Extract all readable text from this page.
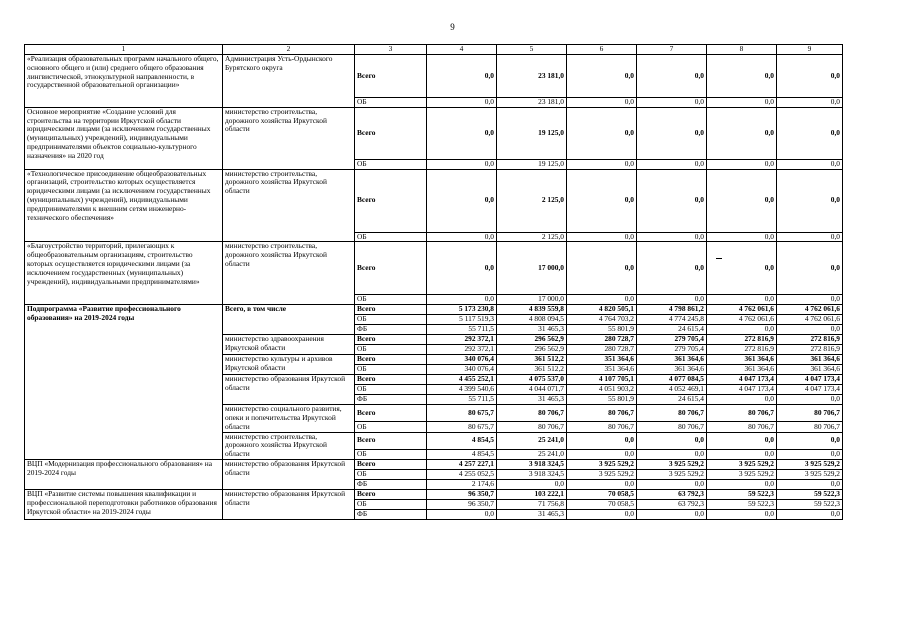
9
1	2	3	4	5	6	7	8	9
«Реализация образовательных программ начального общего, основного общего и (или) среднего общего образования лингвистической, этнокультурной направленности, в государственной образовательной организации»	Администрация Усть-Ордынского Бурятского округа	Всего	0,0	23 181,0	0,0	0,0	0,0	0,0
		ОБ	0,0	23 181,0	0,0	0,0	0,0	0,0
Основное мероприятие «Создание условий для строительства на территории Иркутской области юридическими лицами (за исключением государственных (муниципальных) учреждений), индивидуальными предпринимателями объектов социально-культурного назначения» на 2020 год	министерство строительства, дорожного хозяйства Иркутской области	Всего	0,0	19 125,0	0,0	0,0	0,0	0,0
		ОБ	0,0	19 125,0	0,0	0,0	0,0	0,0
«Технологическое присоединение общеобразовательных организаций, строительство которых осуществляется юридическими лицами (за исключением государственных (муниципальных) учреждений), индивидуальными предпринимателями к внешним сетям инженерно-технического обеспечения»	министерство строительства, дорожного хозяйства Иркутской области	Всего	0,0	2 125,0	0,0	0,0	0,0	0,0
		ОБ	0,0	2 125,0	0,0	0,0	0,0	0,0
«Благоустройство территорий, прилегающих к общеобразовательным организациям, строительство которых осуществляется юридическими лицами (за исключением государственных (муниципальных) учреждений), индивидуальными предпринимателями»	министерство строительства, дорожного хозяйства Иркутской области	Всего	0,0	17 000,0	0,0	0,0	0,0	0,0
		ОБ	0,0	17 000,0	0,0	0,0	0,0	0,0
Подпрограмма «Развитие профессионального образования» на 2019-2024 годы	Всего, в том числе	Всего	5 173 230,8	4 839 559,8	4 820 505,1	4 798 861,2	4 762 061,6	4 762 061,6
		ОБ	5 117 519,3	4 808 094,5	4 764 703,2	4 774 245,8	4 762 061,6	4 762 061,6
		ФБ	55 711,5	31 465,3	55 801,9	24 615,4	0,0	0,0
	министерство здравоохранения Иркутской области	Всего	292 372,1	296 562,9	280 728,7	279 705,4	272 816,9	272 816,9
		ОБ	292 372,1	296 562,9	280 728,7	279 705,4	272 816,9	272 816,9
	министерство культуры и архивов Иркутской области	Всего	340 076,4	361 512,2	351 364,6	361 364,6	361 364,6	361 364,6
		ОБ	340 076,4	361 512,2	351 364,6	361 364,6	361 364,6	361 364,6
	министерство образования Иркутской области	Всего	4 455 252,1	4 075 537,0	4 107 705,1	4 077 084,5	4 047 173,4	4 047 173,4
		ОБ	4 399 540,6	4 044 071,7	4 051 903,2	4 052 469,1	4 047 173,4	4 047 173,4
		ФБ	55 711,5	31 465,3	55 801,9	24 615,4	0,0	0,0
	министерство социального развития, опеки и попечительства Иркутской области	Всего	80 675,7	80 706,7	80 706,7	80 706,7	80 706,7	80 706,7
		ОБ	80 675,7	80 706,7	80 706,7	80 706,7	80 706,7	80 706,7
	министерство строительства, дорожного хозяйства Иркутской области	Всего	4 854,5	25 241,0	0,0	0,0	0,0	0,0
		ОБ	4 854,5	25 241,0	0,0	0,0	0,0	0,0
ВЦП «Модернизация профессионального образования» на 2019-2024 годы	министерство образования Иркутской области	Всего	4 257 227,1	3 918 324,5	3 925 529,2	3 925 529,2	3 925 529,2	3 925 529,2
		ОБ	4 255 052,5	3 918 324,5	3 925 529,2	3 925 529,2	3 925 529,2	3 925 529,2
		ФБ	2 174,6	0,0	0,0	0,0	0,0	0,0
ВЦП «Развитие системы повышения квалификации и профессиональной переподготовки работников образования Иркутской области» на 2019-2024 годы	министерство образования Иркутской области	Всего	96 350,7	103 222,1	70 058,5	63 792,3	59 522,3	59 522,3
		ОБ	96 350,7	71 756,8	70 058,5	63 792,3	59 522,3	59 522,3
		ФБ	0,0	31 465,3	0,0	0,0	0,0	0,0
